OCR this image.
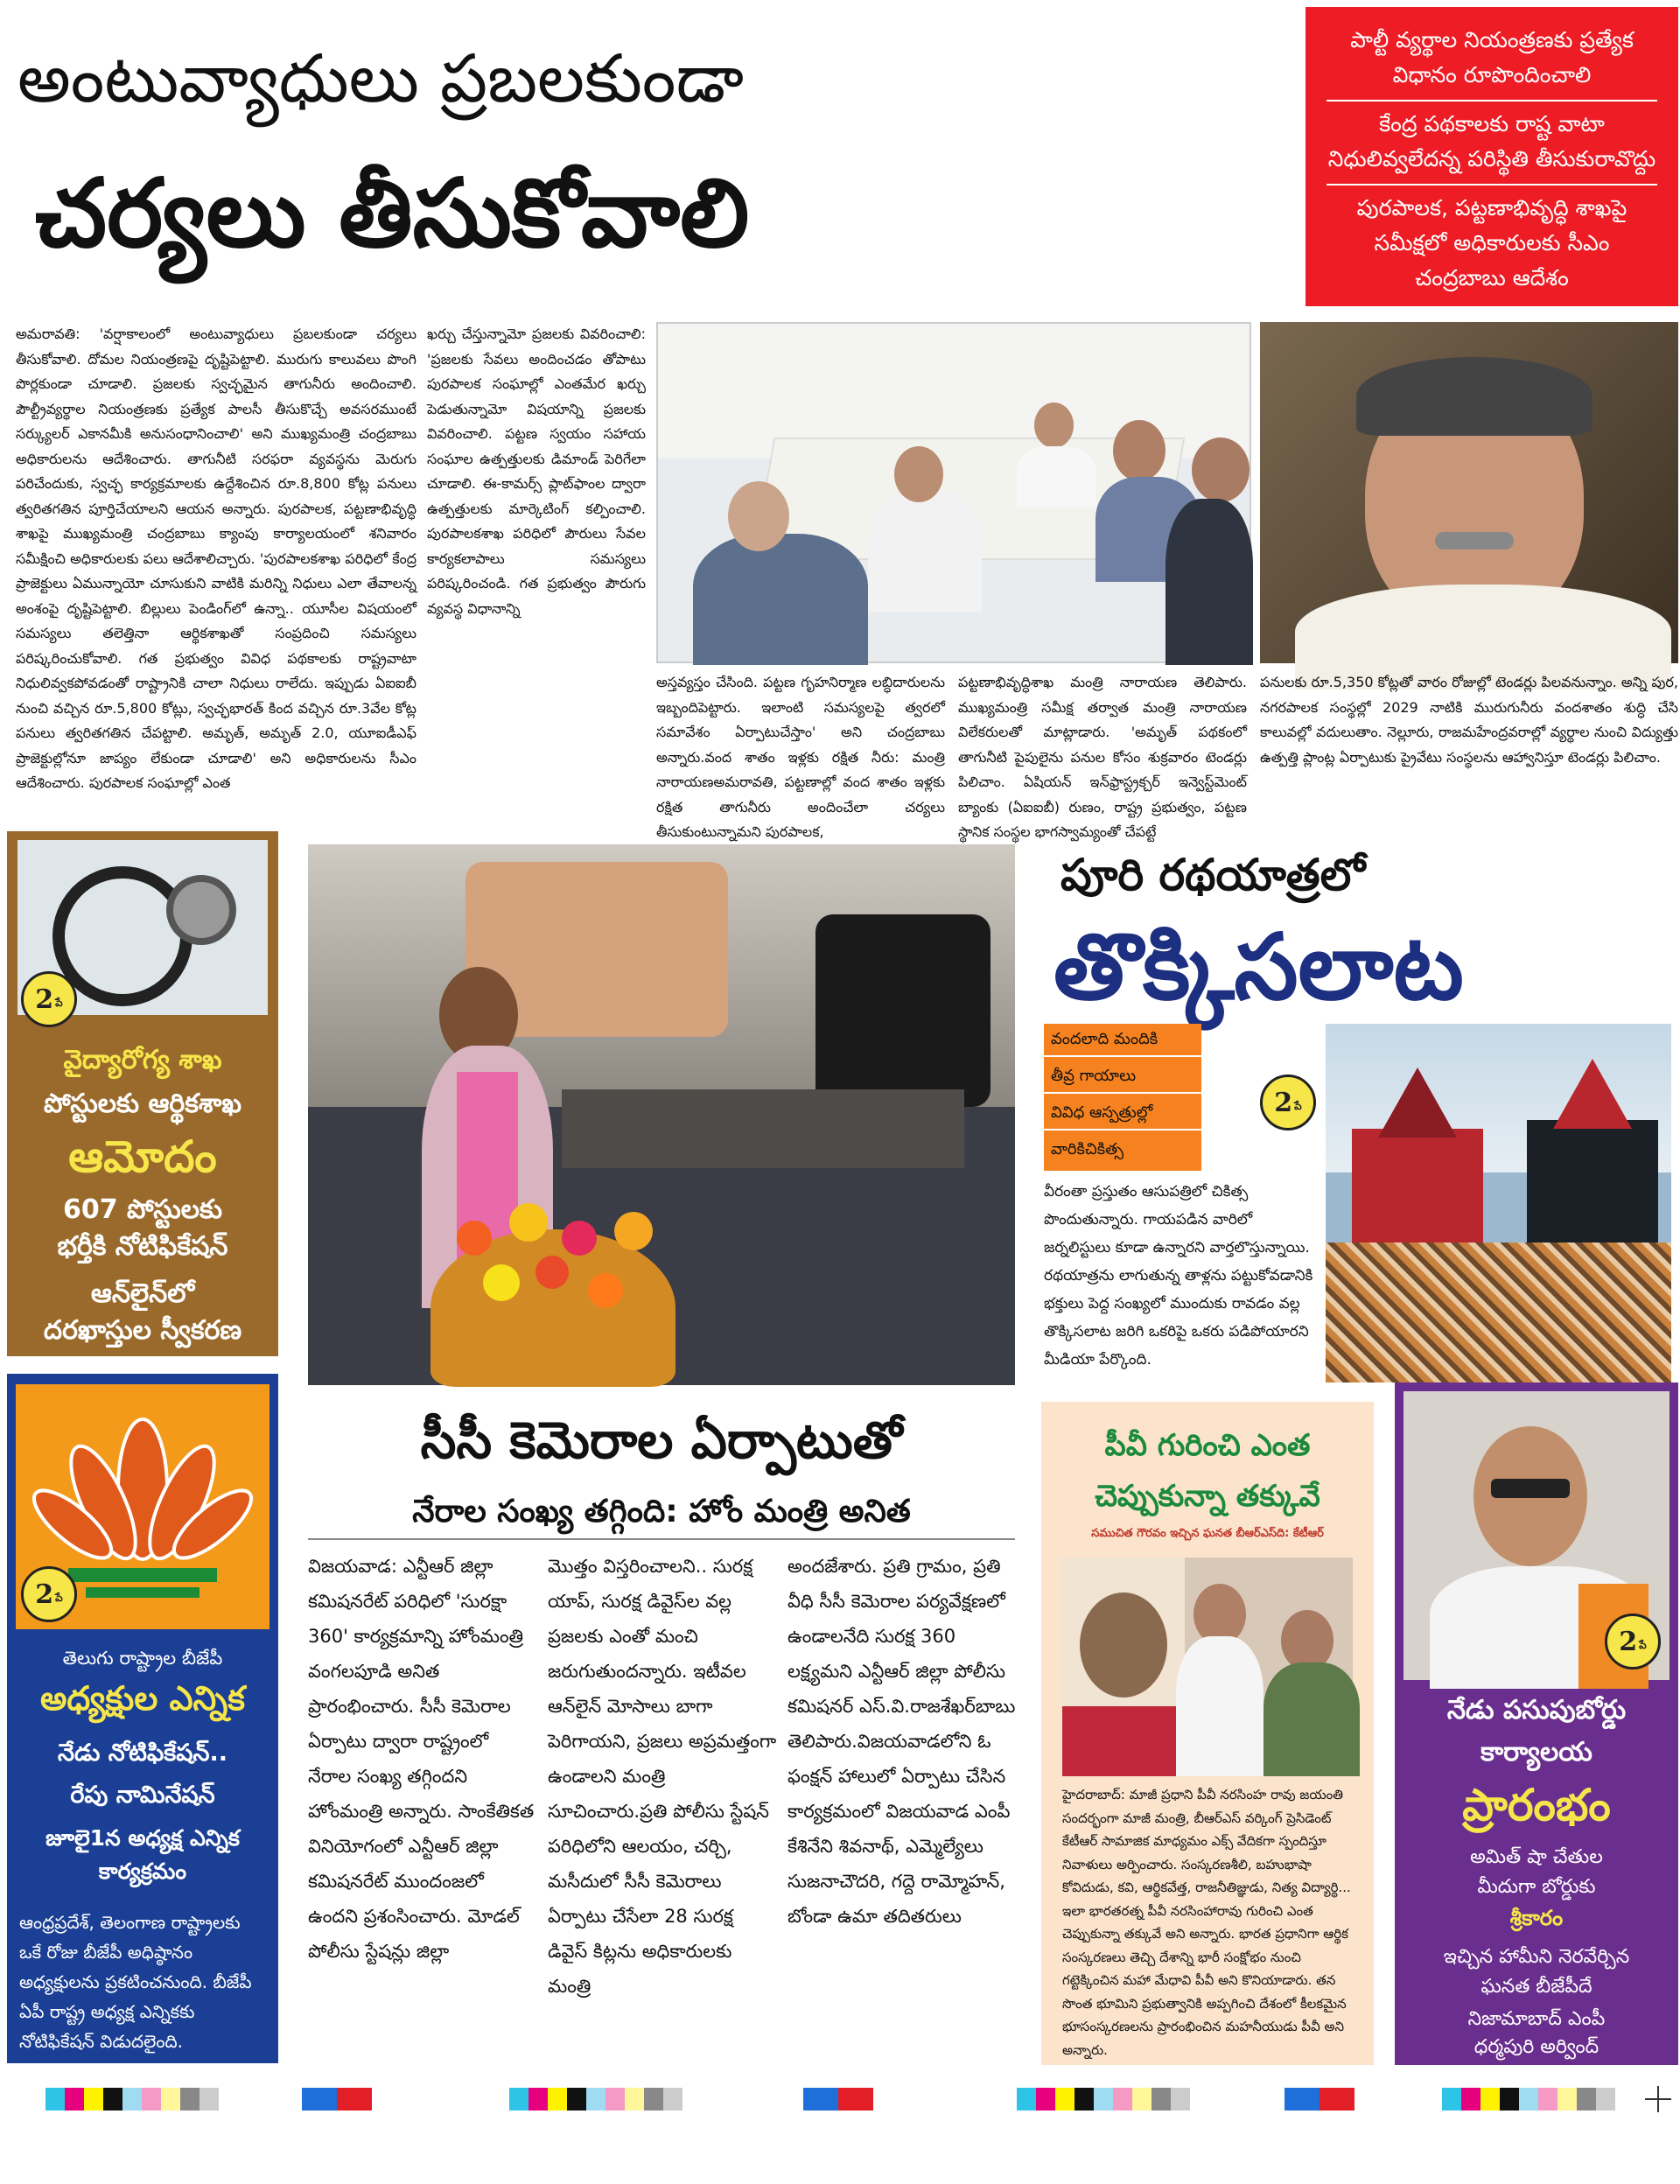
అంటువ్యాధులు ప్రబలకుండా
చర్యలు తీసుకోవాలి
పాల్టీ వ్యర్థాల నియంత్రణకు ప్రత్యేక విధానం రూపొందించాలి
కేంద్ర పథకాలకు రాష్ట వాటా నిధులివ్వలేదన్న పరిస్థితి తీసుకురావొద్దు
పురపాలక, పట్టణాభివృద్ధి శాఖపై సమీక్షలో అధికారులకు సీఎం చంద్రబాబు ఆదేశం
అమరావతి: 'వర్షాకాలంలో అంటువ్యాధులు ప్రబలకుండా చర్యలు తీసుకోవాలి. దోమల నియంత్రణపై దృష్టిపెట్టాలి. మురుగు కాలువలు పొంగి పొర్లకుండా చూడాలి. ప్రజలకు స్వచ్ఛమైన తాగునీరు అందించాలి. పౌల్ట్రీవ్యర్థాల నియంత్రణకు ప్రత్యేక పాలసీ తీసుకొచ్చే అవసరముంటే సర్క్యులర్ ఎకానమీకి అనుసంధానించాలి' అని ముఖ్యమంత్రి చంద్రబాబు అధికారులను ఆదేశించారు. తాగునీటి సరఫరా వ్యవస్థను మెరుగు పరిచేందుకు, స్వచ్ఛ కార్యక్రమాలకు ఉద్దేశించిన రూ.8,800 కోట్ల పనులు త్వరితగతిన పూర్తిచేయాలని ఆయన అన్నారు. పురపాలక, పట్టణాభివృద్ధి శాఖపై ముఖ్యమంత్రి చంద్రబాబు క్యాంపు కార్యాలయంలో శనివారం సమీక్షించి అధికారులకు పలు ఆదేశాలిచ్చారు. 'పురపాలకశాఖ పరిధిలో కేంద్ర ప్రాజెక్టులు ఏమున్నాయో చూసుకుని వాటికి మరిన్ని నిధులు ఎలా తేవాలన్న అంశంపై దృష్టిపెట్టాలి. బిల్లులు పెండింగ్‌లో ఉన్నా.. యూసీల విషయంలో సమస్యలు తలెత్తినా ఆర్థికశాఖతో సంప్రదించి సమస్యలు పరిష్కరించుకోవాలి. గత ప్రభుత్వం వివిధ పథకాలకు రాష్ట్రవాటా నిధులివ్వకపోవడంతో రాష్ట్రానికి చాలా నిధులు రాలేదు. ఇప్పుడు ఏఐఐబీ నుంచి వచ్చిన రూ.5,800 కోట్లు, స్వచ్ఛభారత్ కింద వచ్చిన రూ.3వేల కోట్ల పనులు త్వరితగతిన చేపట్టాలి. అమృత్, అమృత్ 2.0, యూఐడీఎఫ్ ప్రాజెక్టుల్లోనూ జాప్యం లేకుండా చూడాలి' అని అధికారులను సీఎం ఆదేశించారు. పురపాలక సంఘాల్లో ఎంత
ఖర్చు చేస్తున్నామో ప్రజలకు వివరించాలి: 'ప్రజలకు సేవలు అందించడం తోపాటు పురపాలక సంఘాల్లో ఎంతమేర ఖర్చు పెడుతున్నామో విషయాన్ని ప్రజలకు వివరించాలి. పట్టణ స్వయం సహాయ సంఘాల ఉత్పత్తులకు డిమాండ్ పెరిగేలా చూడాలి. ఈ-కామర్స్ ప్లాట్‌ఫాంల ద్వారా ఉత్పత్తులకు మార్కెటింగ్ కల్పించాలి. పురపాలకశాఖ పరిధిలో పౌరులు సేవల కార్యకలాపాలు సమస్యలు పరిష్కరించండి. గత ప్రభుత్వం పౌరుగు వ్యవస్థ విధానాన్ని
అస్తవ్యస్తం చేసింది. పట్టణ గృహనిర్మాణ లబ్ధిదారులను ఇబ్బందిపెట్టారు. ఇలాంటి సమస్యలపై త్వరలో సమావేశం ఏర్పాటుచేస్తాం' అని చంద్రబాబు అన్నారు.వంద శాతం ఇళ్లకు రక్షిత నీరు: మంత్రి నారాయణఅమరావతి, పట్టణాల్లో వంద శాతం ఇళ్లకు రక్షిత తాగునీరు అందించేలా చర్యలు తీసుకుంటున్నామని పురపాలక,
పట్టణాభివృద్ధిశాఖ మంత్రి నారాయణ తెలిపారు. ముఖ్యమంత్రి సమీక్ష తర్వాత మంత్రి నారాయణ విలేకరులతో మాట్లాడారు. 'అమృత్ పథకంలో తాగునీటి పైపులైను పనుల కోసం శుక్రవారం టెండర్లు పిలిచాం. ఏషియన్ ఇన్‌ఫ్రాస్ట్రక్చర్ ఇన్వెస్ట్‌మెంట్ బ్యాంకు (ఏఐఐబీ) రుణం, రాష్ట్ర ప్రభుత్వం, పట్టణ స్థానిక సంస్థల భాగస్వామ్యంతో చేపట్టే
పనులకు రూ.5,350 కోట్లతో వారం రోజుల్లో టెండర్లు పిలవనున్నాం. అన్ని పుర, నగరపాలక సంస్థల్లో 2029 నాటికి మురుగునీరు వందశాతం శుద్ధి చేసి కాలువల్లో వదులుతాం. నెల్లూరు, రాజమహేంద్రవరాల్లో వ్యర్థాల నుంచి విద్యుత్తు ఉత్పత్తి ప్లాంట్ల ఏర్పాటుకు ప్రైవేటు సంస్థలను ఆహ్వానిస్తూ టెండర్లు పిలిచాం.
2 పే
వైద్యారోగ్య శాఖ
పోస్టులకు ఆర్థికశాఖ
ఆమోదం
607 పోస్టులకు
భర్తీకి నోటిఫికేషన్
ఆన్‌లైన్‌లో
దరఖాస్తుల స్వీకరణ
2 పే
తెలుగు రాష్ట్రాల బీజేపీ
అధ్యక్షుల ఎన్నిక
నేడు నోటిఫికేషన్..
రేపు నామినేషన్
జూలై1న అధ్యక్ష ఎన్నిక
కార్యక్రమం
ఆంధ్రప్రదేశ్, తెలంగాణ రాష్ట్రాలకు ఒకే రోజు బీజేపీ అధిష్ఠానం అధ్యక్షులను ప్రకటించనుంది. బీజేపీ ఏపీ రాష్ట్ర అధ్యక్ష ఎన్నికకు నోటిఫికేషన్ విడుదలైంది.
పూరి రథయాత్రలో
తొక్కిసలాట
వందలాది మందికి
తీవ్ర గాయాలు
వివిధ ఆస్పత్రుల్లో
వారికిచికిత్స
2 పే
వీరంతా ప్రస్తుతం ఆసుపత్రిలో చికిత్స పొందుతున్నారు. గాయపడిన వారిలో జర్నలిస్టులు కూడా ఉన్నారని వార్తలొస్తున్నాయి. రథయాత్రను లాగుతున్న తాళ్లను పట్టుకోవడానికి భక్తులు పెద్ద సంఖ్యలో ముందుకు రావడం వల్ల తొక్కిసలాట జరిగి ఒకరిపై ఒకరు పడిపోయారని మీడియా పేర్కొంది.
సీసీ కెమెరాల ఏర్పాటుతో
నేరాల సంఖ్య తగ్గింది: హోం మంత్రి అనిత
విజయవాడ: ఎన్టీఆర్ జిల్లా కమిషనరేట్ పరిధిలో 'సురక్షా 360' కార్యక్రమాన్ని హోంమంత్రి వంగలపూడి అనిత ప్రారంభించారు. సీసీ కెమెరాల ఏర్పాటు ద్వారా రాష్ట్రంలో నేరాల సంఖ్య తగ్గిందని హోంమంత్రి అన్నారు. సాంకేతికత వినియోగంలో ఎన్టీఆర్ జిల్లా కమిషనరేట్ ముందంజలో ఉందని ప్రశంసించారు. మోడల్ పోలీసు స్టేషన్లు జిల్లా
మొత్తం విస్తరించాలని.. సురక్ష యాప్, సురక్ష డివైస్‌ల వల్ల ప్రజలకు ఎంతో మంచి జరుగుతుందన్నారు. ఇటీవల ఆన్‌లైన్ మోసాలు బాగా పెరిగాయని, ప్రజలు అప్రమత్తంగా ఉండాలని మంత్రి సూచించారు.ప్రతి పోలీసు స్టేషన్ పరిధిలోని ఆలయం, చర్చి, మసీదులో సీసీ కెమెరాలు ఏర్పాటు చేసేలా 28 సురక్ష డివైస్ కిట్లను అధికారులకు మంత్రి
అందజేశారు. ప్రతి గ్రామం, ప్రతి వీధి సీసీ కెమెరాల పర్యవేక్షణలో ఉండాలనేది సురక్ష 360 లక్ష్యమని ఎన్టీఆర్ జిల్లా పోలీసు కమిషనర్ ఎస్.వి.రాజశేఖర్‌బాబు తెలిపారు.విజయవాడలోని ఓ ఫంక్షన్ హాలులో ఏర్పాటు చేసిన కార్యక్రమంలో విజయవాడ ఎంపీ కేశినేని శివనాథ్, ఎమ్మెల్యేలు సుజనాచౌదరి, గద్దె రామ్మోహన్, బోండా ఉమా తదితరులు
పీవీ గురించి ఎంత
చెప్పుకున్నా తక్కువే
సముచిత గౌరవం ఇచ్చిన ఘనత బీఆర్ఎస్‌ది: కేటీఆర్
హైదరాబాద్: మాజీ ప్రధాని పీవీ నరసింహ రావు జయంతి సందర్భంగా మాజీ మంత్రి, బీఆర్ఎస్ వర్కింగ్ ప్రెసిడెంట్ కేటీఆర్ సామాజిక మాధ్యమం ఎక్స్ వేదికగా స్పందిస్తూ నివాళులు అర్పించారు. సంస్కరణశీలి, బహుభాషా కోవిదుడు, కవి, ఆర్థికవేత్త, రాజనీతిజ్ఞుడు, నిత్య విద్యార్థి... ఇలా భారతరత్న పీవీ నరసింహారావు గురించి ఎంత చెప్పుకున్నా తక్కువే అని అన్నారు. భారత ప్రధానిగా ఆర్థిక సంస్కరణలు తెచ్చి దేశాన్ని భారీ సంక్షోభం నుంచి గట్టెక్కించిన మహా మేధావి పీవీ అని కొనియాడారు. తన సొంత భూమిని ప్రభుత్వానికి అప్పగించి దేశంలో కీలకమైన భూసంస్కరణలను ప్రారంభించిన మహనీయుడు పీవీ అని అన్నారు.
2 పే
నేడు పసుపుబోర్డు
కార్యాలయ
ప్రారంభం
అమిత్ షా చేతుల
మీదుగా బోర్డుకు
శ్రీకారం
ఇచ్చిన హామీని నెరవేర్చిన
ఘనత బీజేపీదే
నిజామాబాద్ ఎంపీ
ధర్మపురి అర్వింద్
